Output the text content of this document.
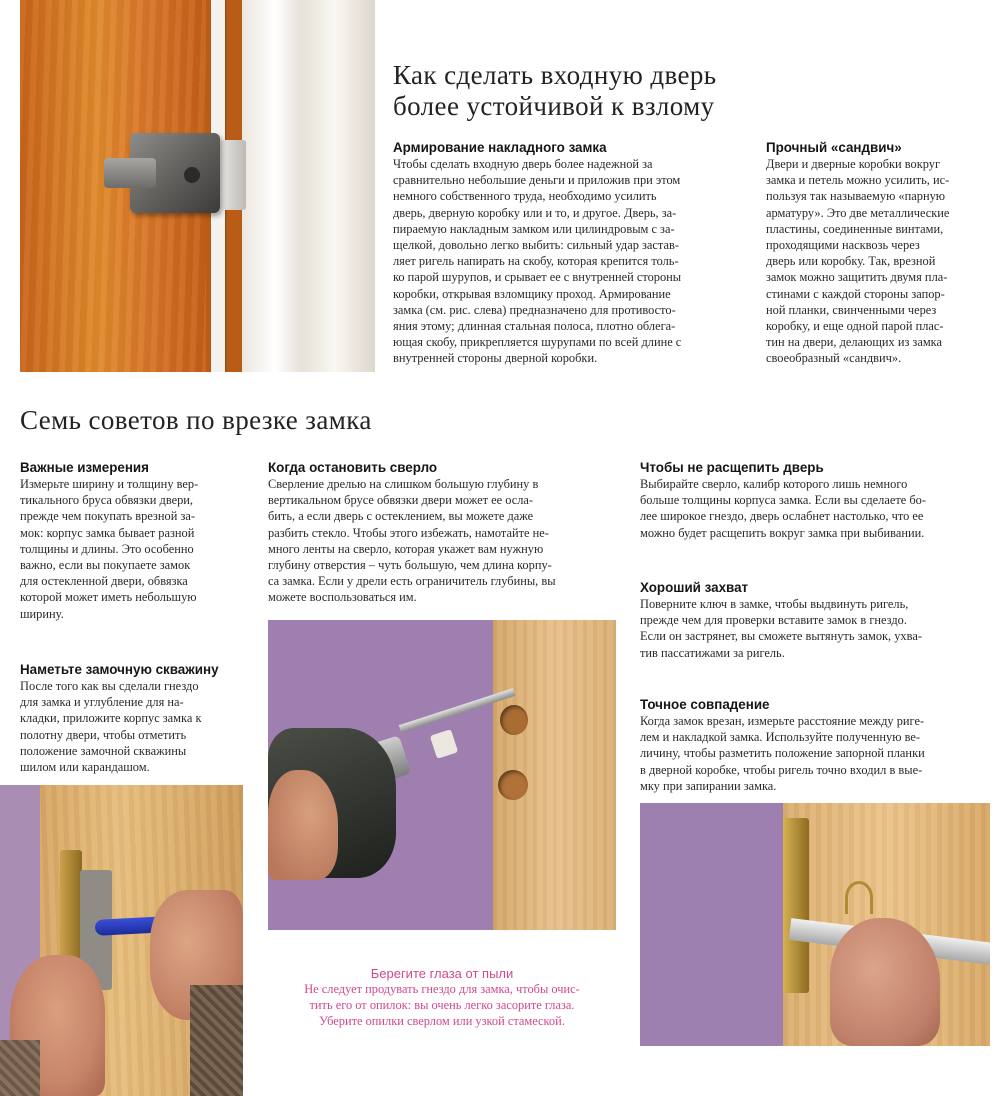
Как сделать входную дверь
более устойчивой к взлому
Армирование накладного замка
Чтобы сделать входную дверь более надежной за
сравнительно небольшие деньги и приложив при этом
немного собственного труда, необходимо усилить
дверь, дверную коробку или и то, и другое. Дверь, за-
пираемую накладным замком или цилиндровым с за-
щелкой, довольно легко выбить: сильный удар застав-
ляет ригель напирать на скобу, которая крепится толь-
ко парой шурупов, и срывает ее с внутренней стороны
коробки, открывая взломщику проход. Армирование
замка (см. рис. слева) предназначено для противосто-
яния этому; длинная стальная полоса, плотно облега-
ющая скобу, прикрепляется шурупами по всей длине с
внутренней стороны дверной коробки.
Прочный «сандвич»
Двери и дверные коробки вокруг
замка и петель можно усилить, ис-
пользуя так называемую «парную
арматуру». Это две металлические
пластины, соединенные винтами,
проходящими насквозь через
дверь или коробку. Так, врезной
замок можно защитить двумя пла-
стинами с каждой стороны запор-
ной планки, свинченными через
коробку, и еще одной парой плас-
тин на двери, делающих из замка
своеобразный «сандвич».
Семь советов по врезке замка
Важные измерения
Измерьте ширину и толщину вер-
тикального бруса обвязки двери,
прежде чем покупать врезной за-
мок: корпус замка бывает разной
толщины и длины. Это особенно
важно, если вы покупаете замок
для остекленной двери, обвязка
которой может иметь небольшую
ширину.
Наметьте замочную скважину
После того как вы сделали гнездо
для замка и углубление для на-
кладки, приложите корпус замка к
полотну двери, чтобы отметить
положение замочной скважины
шилом или карандашом.
Когда остановить сверло
Сверление дрелью на слишком большую глубину в
вертикальном брусе обвязки двери может ее осла-
бить, а если дверь с остеклением, вы можете даже
разбить стекло. Чтобы этого избежать, намотайте не-
много ленты на сверло, которая укажет вам нужную
глубину отверстия – чуть большую, чем длина корпу-
са замка. Если у дрели есть ограничитель глубины, вы
можете воспользоваться им.
Чтобы не расщепить дверь
Выбирайте сверло, калибр которого лишь немного
больше толщины корпуса замка. Если вы сделаете бо-
лее широкое гнездо, дверь ослабнет настолько, что ее
можно будет расщепить вокруг замка при выбивании.
Хороший захват
Поверните ключ в замке, чтобы выдвинуть ригель,
прежде чем для проверки вставите замок в гнездо.
Если он застрянет, вы сможете вытянуть замок, ухва-
тив пассатижами за ригель.
Точное совпадение
Когда замок врезан, измерьте расстояние между риге-
лем и накладкой замка. Используйте полученную ве-
личину, чтобы разметить положение запорной планки
в дверной коробке, чтобы ригель точно входил в вые-
мку при запирании замка.
Берегите глаза от пыли
Не следует продувать гнездо для замка, чтобы очис-
тить его от опилок: вы очень легко засорите глаза.
Уберите опилки сверлом или узкой стамеской.
